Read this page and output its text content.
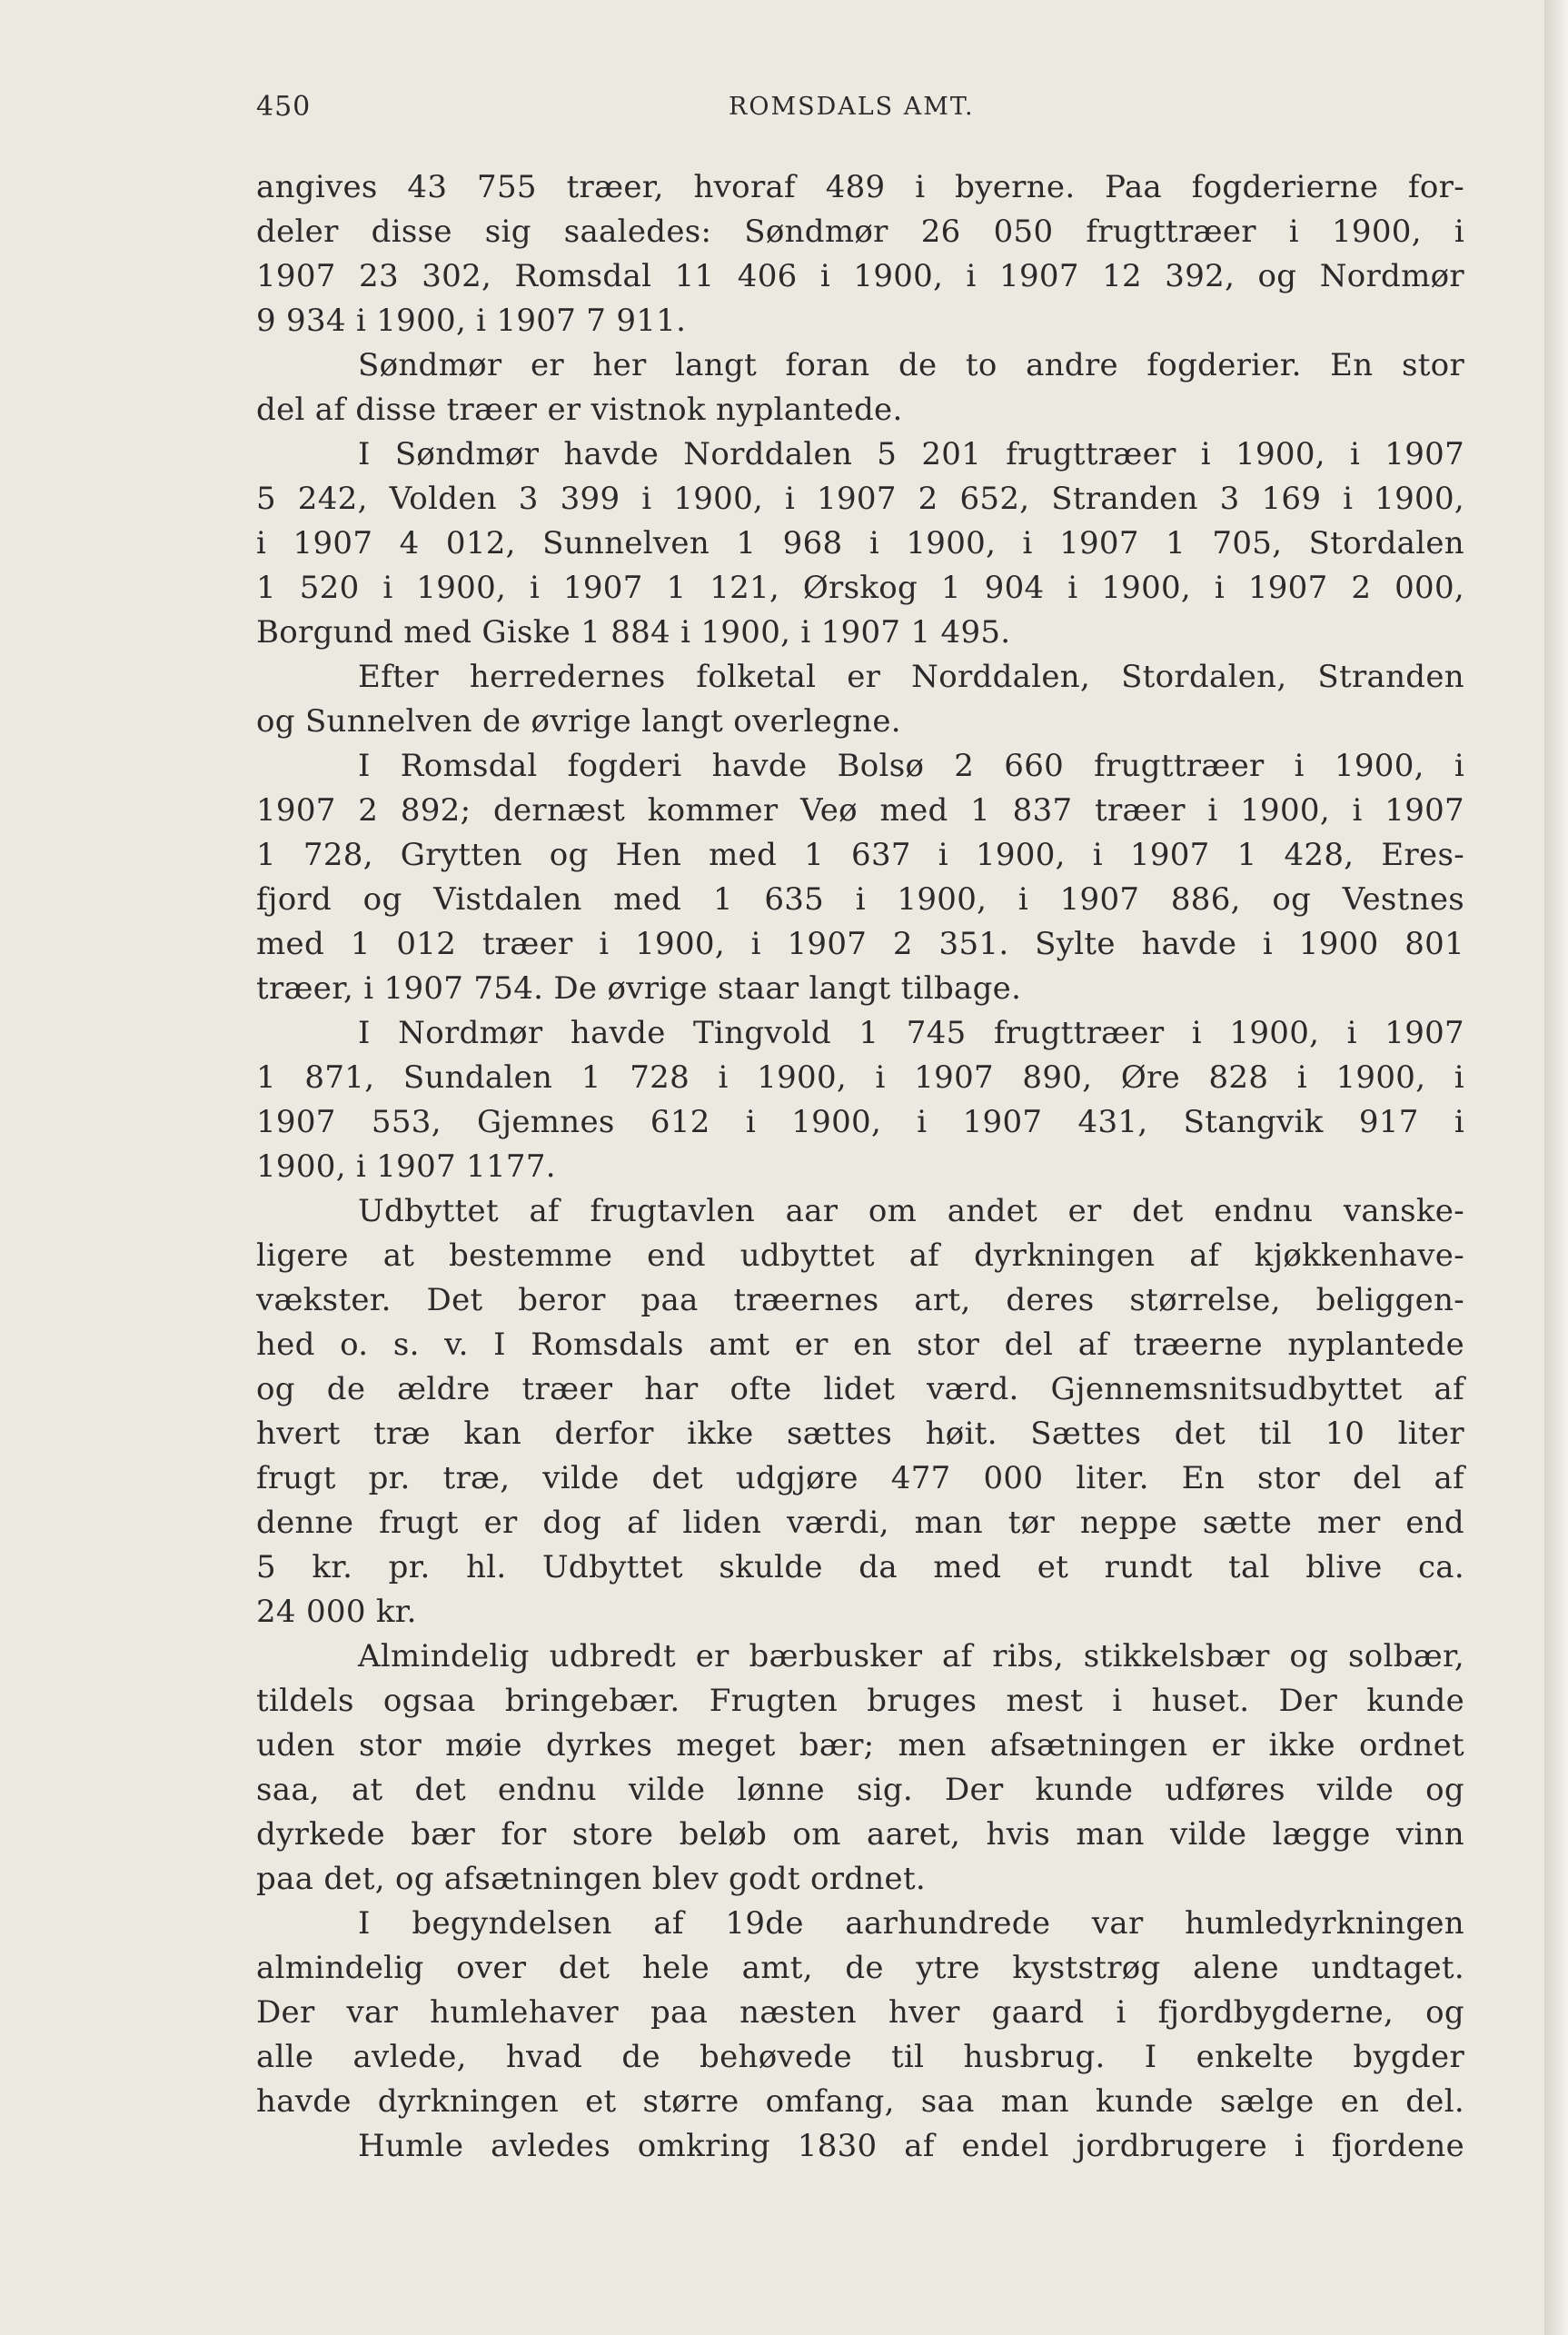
450	ROMSDALS AMT.
angives 43 755 træer, hvoraf 489 i byerne. Paa fogderierne for-
deler disse sig saaledes: Søndmør 26 050 frugttræer i 1900, i
1907 23 302, Romsdal 11 406 i 1900, i 1907 12 392, og Nordmør
9 934 i 1900, i 1907 7 911.
Søndmør er her langt foran de to andre fogderier. En stor
del af disse træer er vistnok nyplantede.
I Søndmør havde Norddalen 5 201 frugttræer i 1900, i 1907
5 242, Volden 3 399 i 1900, i 1907 2 652, Stranden 3 169 i 1900,
i 1907 4 012, Sunnelven 1 968 i 1900, i 1907 1 705, Stordalen
1 520 i 1900, i 1907 1 121, Ørskog 1 904 i 1900, i 1907 2 000,
Borgund med Giske 1 884 i 1900, i 1907 1 495.
Efter herredernes folketal er Norddalen, Stordalen, Stranden
og Sunnelven de øvrige langt overlegne.
I Romsdal fogderi havde Bolsø 2 660 frugttræer i 1900, i
1907 2 892; dernæst kommer Veø med 1 837 træer i 1900, i 1907
1 728, Grytten og Hen med 1 637 i 1900, i 1907 1 428, Eres-
fjord og Vistdalen med 1 635 i 1900, i 1907 886, og Vestnes
med 1 012 træer i 1900, i 1907 2 351. Sylte havde i 1900 801
træer, i 1907 754. De øvrige staar langt tilbage.
I Nordmør havde Tingvold 1 745 frugttræer i 1900, i 1907
1 871, Sundalen 1 728 i 1900, i 1907 890, Øre 828 i 1900, i
1907 553, Gjemnes 612 i 1900, i 1907 431, Stangvik 917 i
1900, i 1907 1177.
Udbyttet af frugtavlen aar om andet er det endnu vanske-
ligere at bestemme end udbyttet af dyrkningen af kjøkkenhave-
vækster. Det beror paa træernes art, deres størrelse, beliggen-
hed o. s. v. I Romsdals amt er en stor del af træerne nyplantede
og de ældre træer har ofte lidet værd. Gjennemsnitsudbyttet af
hvert træ kan derfor ikke sættes høit. Sættes det til 10 liter
frugt pr. træ, vilde det udgjøre 477 000 liter. En stor del af
denne frugt er dog af liden værdi, man tør neppe sætte mer end
5 kr. pr. hl. Udbyttet skulde da med et rundt tal blive ca.
24 000 kr.
Almindelig udbredt er bærbusker af ribs, stikkelsbær og solbær,
tildels ogsaa bringebær. Frugten bruges mest i huset. Der kunde
uden stor møie dyrkes meget bær; men afsætningen er ikke ordnet
saa, at det endnu vilde lønne sig. Der kunde udføres vilde og
dyrkede bær for store beløb om aaret, hvis man vilde lægge vinn
paa det, og afsætningen blev godt ordnet.
I begyndelsen af 19de aarhundrede var humledyrkningen
almindelig over det hele amt, de ytre kyststrøg alene undtaget.
Der var humlehaver paa næsten hver gaard i fjordbygderne, og
alle avlede, hvad de behøvede til husbrug. I enkelte bygder
havde dyrkningen et større omfang, saa man kunde sælge en del.
Humle avledes omkring 1830 af endel jordbrugere i fjordene
